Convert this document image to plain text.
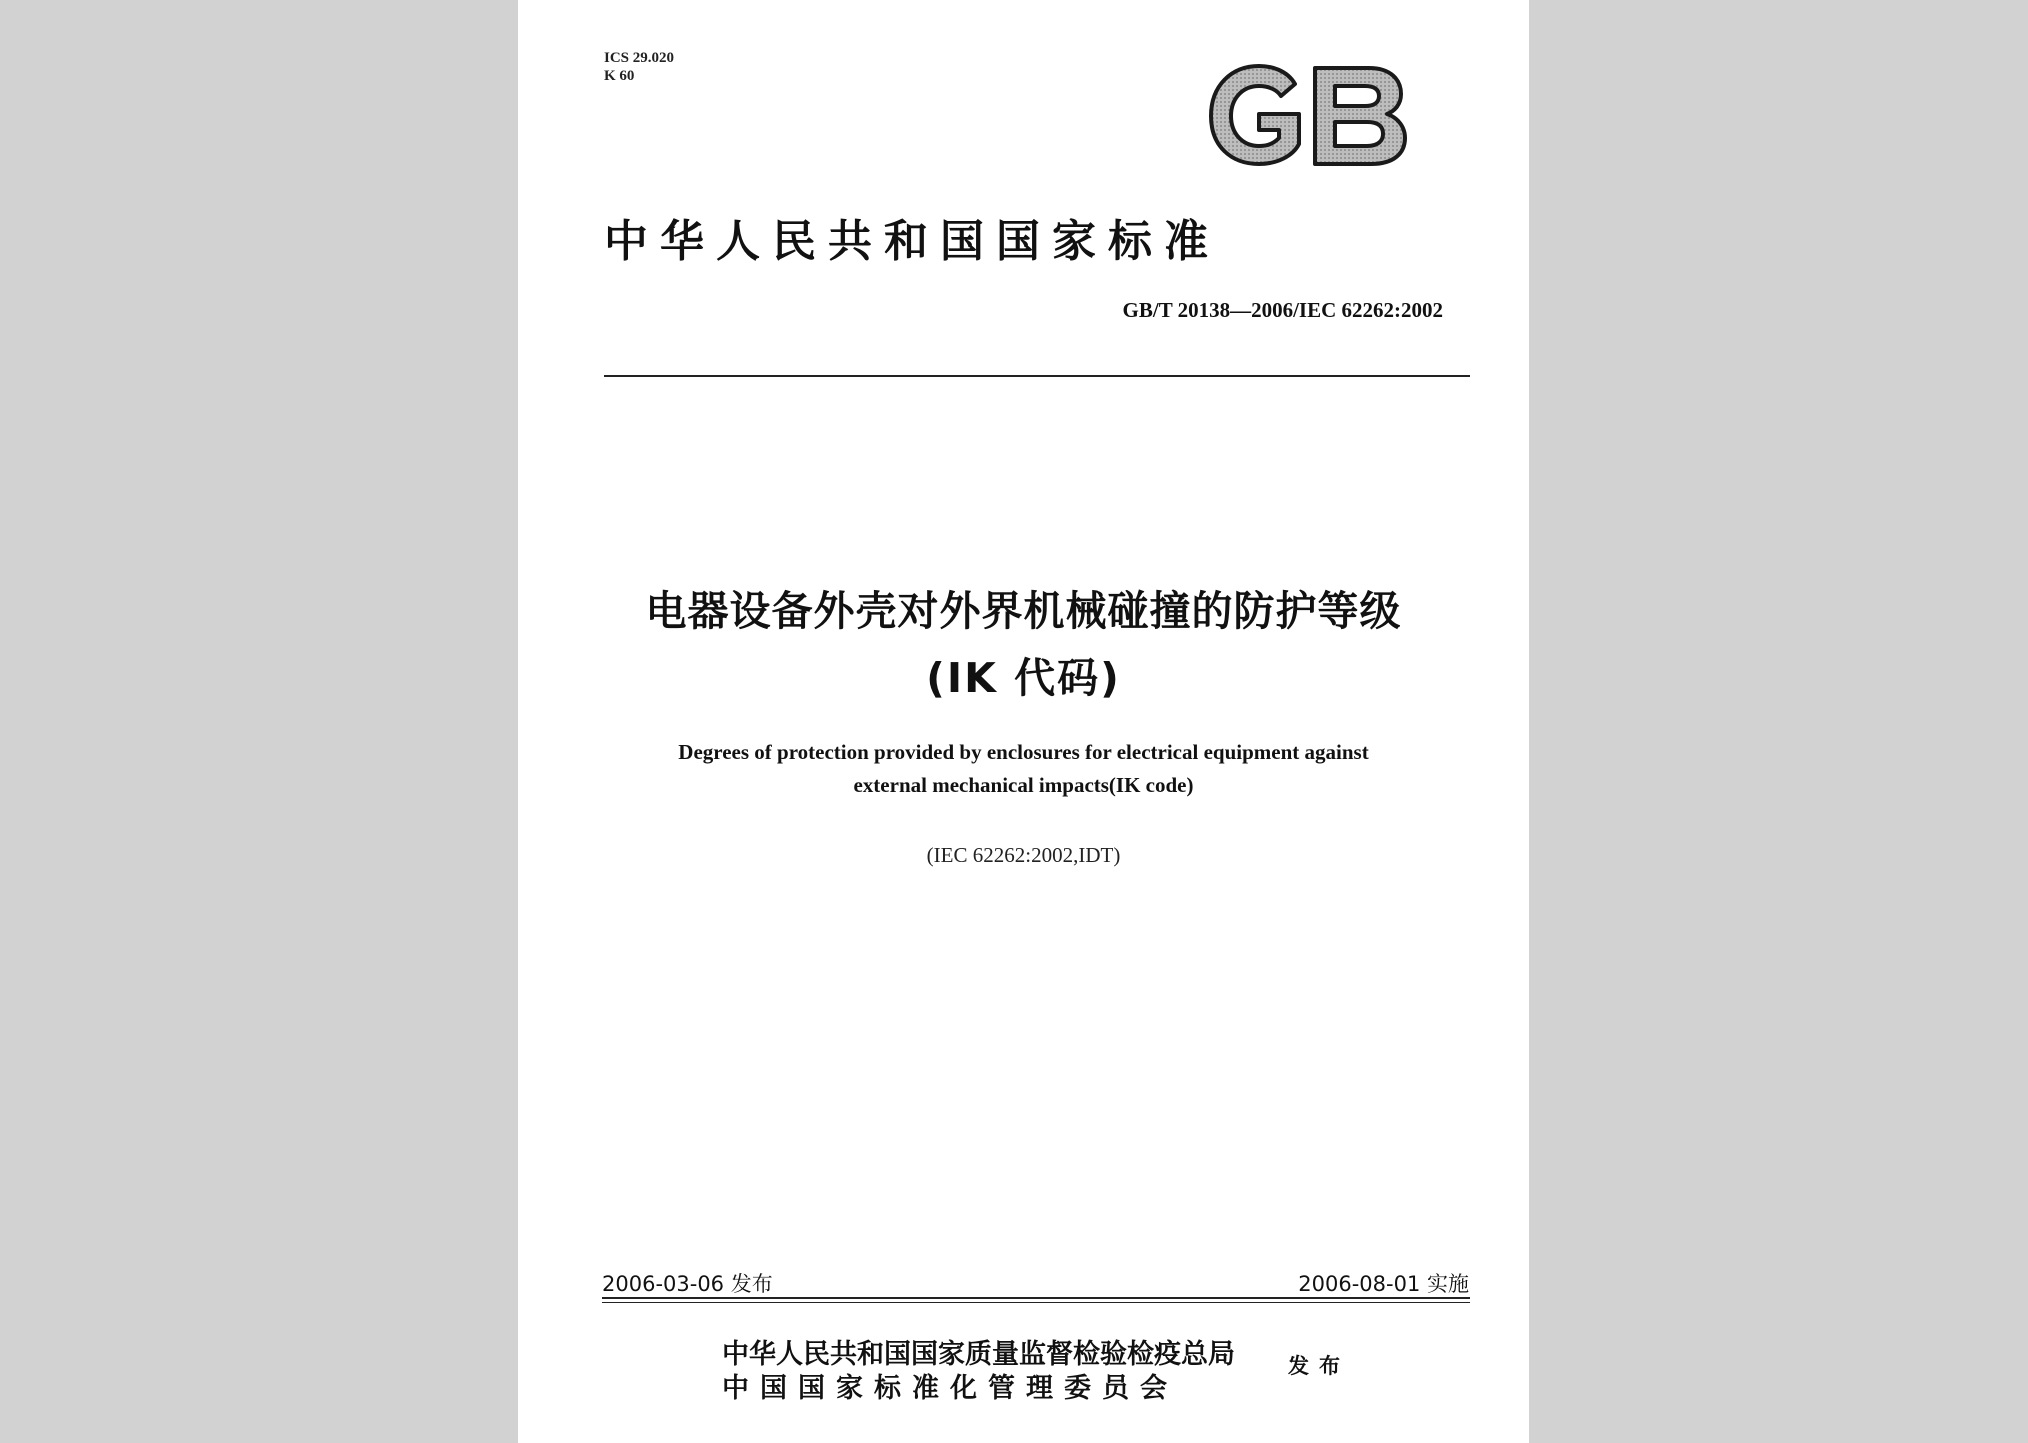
ICS 29.020
K 60
中华人民共和国国家标准
GB/T 20138—2006/IEC 62262:2002
电器设备外壳对外界机械碰撞的防护等级
(IK 代码)
Degrees of protection provided by enclosures for electrical equipment against
external mechanical impacts(IK code)
(IEC 62262:2002,IDT)
2006-03-06 发布	2006-08-01 实施
中华人民共和国国家质量监督检验检疫总局
中国国家标准化管理委员会
发布
